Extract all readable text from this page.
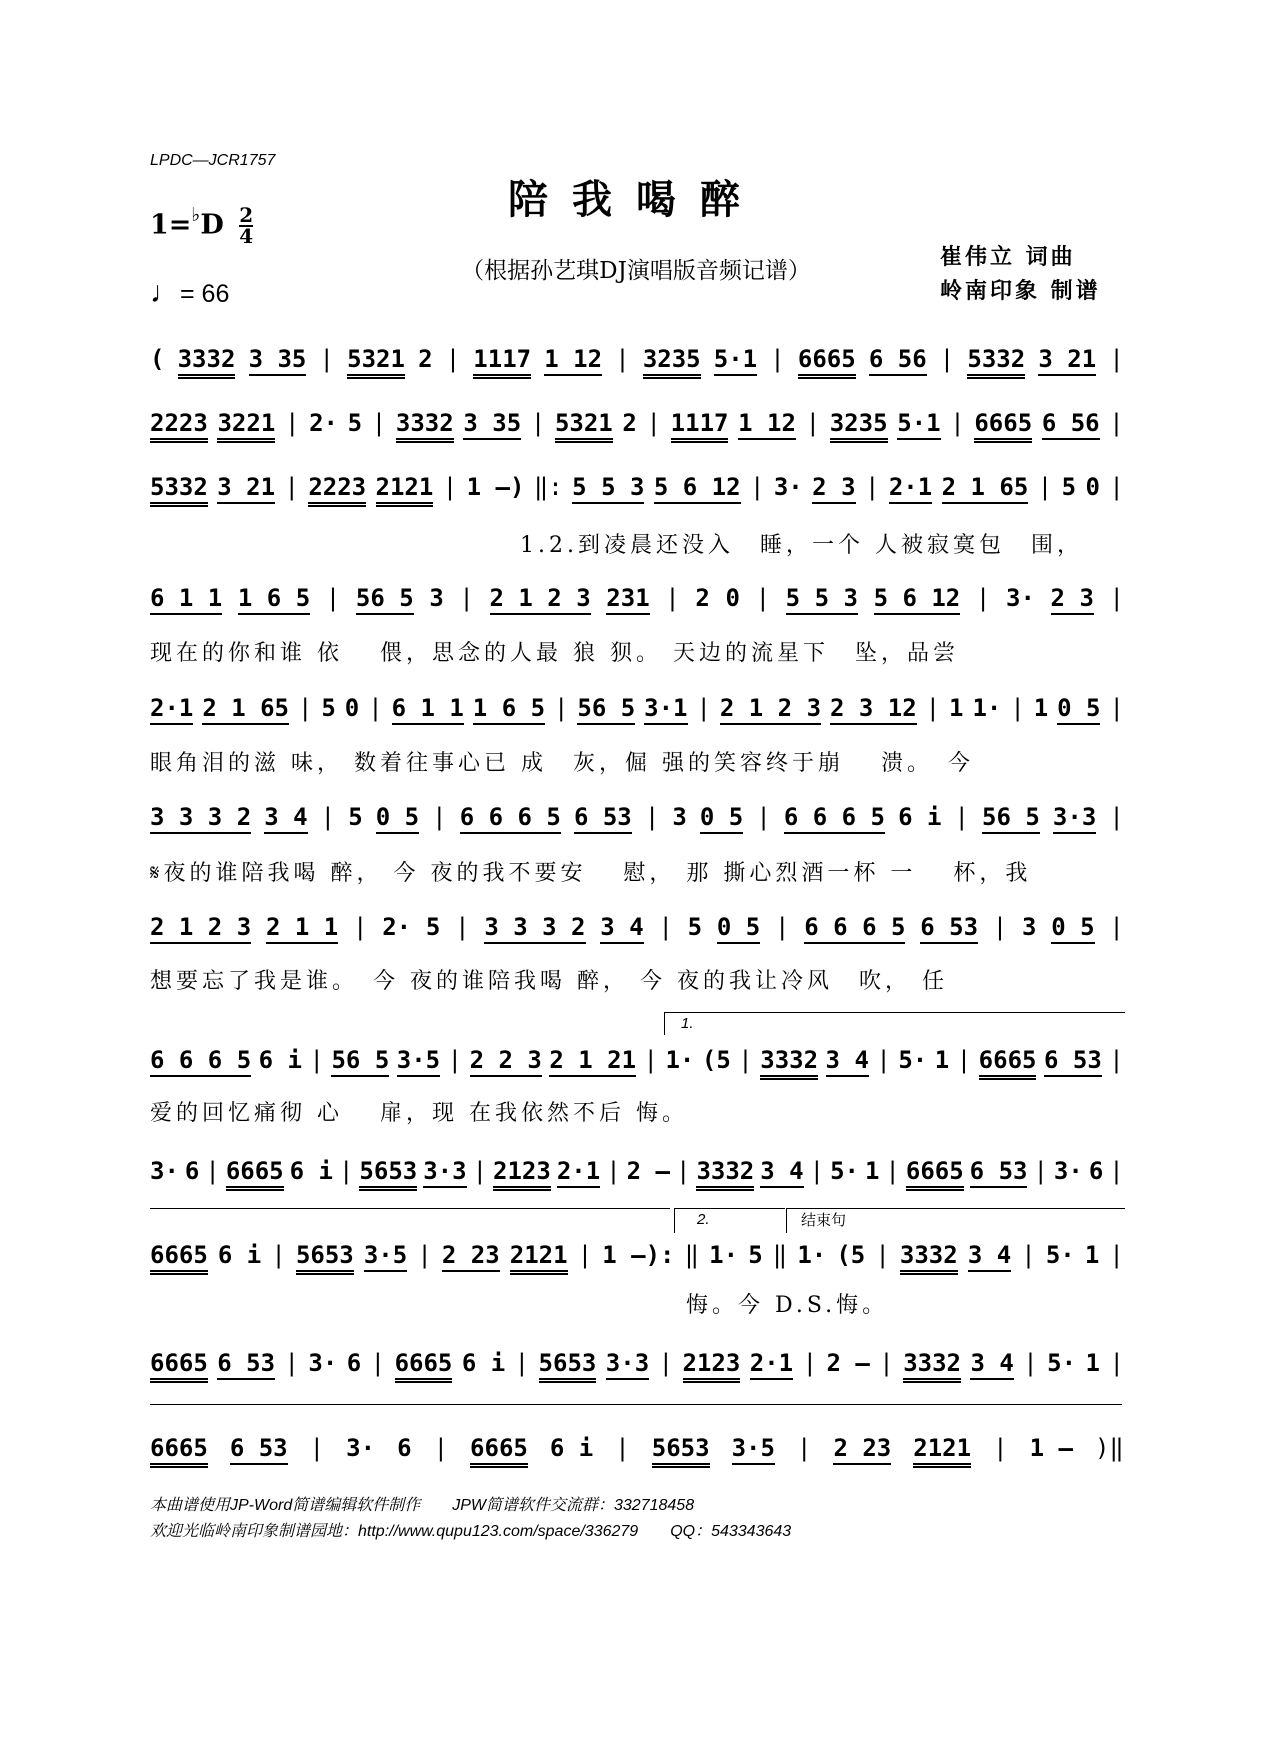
LPDC—JCR1757
陪我喝醉
$1=^♭D \frac{2}{4}$
♩= 66
（根据孙艺琪DJ演唱版音频记谱）
崔伟立 词曲
岭南印象 制谱
( 3332 3 35 | 5321 2 | 1117 1 12 | 3235 5·1 | 6665 6 56 | 5332 3 21 |
2223 3221 | 2· 5 | 3332 3 35 | 5321 2 | 1117 1 12 | 3235 5·1 | 6665 6 56 |
5332 3 21 | 2223 2121 | 1 –) ‖: 5 5 3 5 6 12 | 3· 2 3 | 2·1 2 1 65 | 5 0 |
1.2.到凌晨还没入　睡，一个 人被寂寞包　围，
6 1 1 1 6 5 | 56 5 3 | 2 1 2 3 231 | 2 0 | 5 5 3 5 6 12 | 3· 2 3 |
现在的你和谁 依　 偎，思念的人最 狼 狈。 天边的流星下　坠，品尝
2·1 2 1 65 | 5 0 | 6 1 1 1 6 5 | 56 5 3·1 | 2 1 2 3 2 3 12 | 1 1· | 1 0 5 |
眼角泪的滋 味， 数着往事心已 成　灰，倔 强的笑容终于崩　 溃。　今
3 3 3 2 3 4 | 5 0 5 | 6 6 6 5 6 53 | 3 0 5 | 6 6 6 5 6 i | 56 5 3·3 |
𝄋夜的谁陪我喝 醉， 今 夜的我不要安　 慰， 那 撕心烈酒一杯 一　 杯，我
2 1 2 3 2 1 1 | 2· 5 | 3 3 3 2 3 4 | 5 0 5 | 6 6 6 5 6 53 | 3 0 5 |
想要忘了我是谁。　今 夜的谁陪我喝 醉， 今 夜的我让冷风　吹， 任
6 6 6 5 6 i | 56 5 3·5 | 2 2 3 2 1 21 | 1· (5 | 3332 3 4 | 5· 1 | 6665 6 53 |
爱的回忆痛彻 心　 扉，现 在我依然不后 悔。
3· 6 | 6665 6 i | 5653 3·3 | 2123 2·1 | 2 – | 3332 3 4 | 5· 1 | 6665 6 53 | 3· 6 |
6665 6 i | 5653 3·5 | 2 23 2121 | 1 –): ‖ 1· 5 ‖ 1· (5 | 3332 3 4 | 5· 1 |
悔。今 D.S.悔。
6665 6 53 | 3· 6 | 6665 6 i | 5653 3·3 | 2123 2·1 | 2 – | 3332 3 4 | 5· 1 |
6665 6 53 | 3· 6 | 6665 6 i | 5653 3·5 | 2 23 2121 | 1 – )‖
1.
2.	结束句
本曲谱使用JP-Word简谱编辑软件制作　　JPW简谱软件交流群：332718458
欢迎光临岭南印象制谱园地：http://www.qupu123.com/space/336279　　QQ：543343643
